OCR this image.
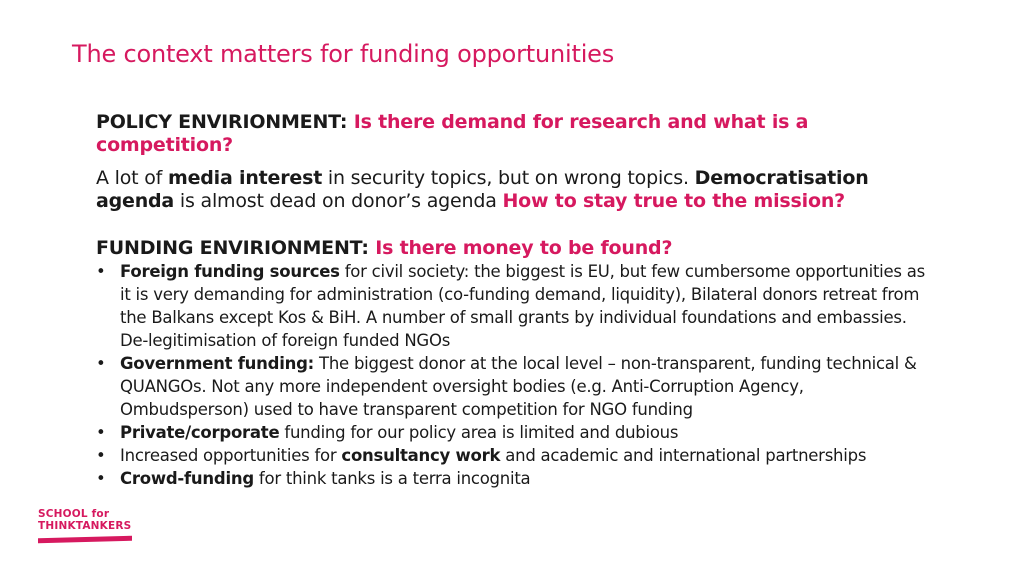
The context matters for funding opportunities
POLICY ENVIRIONMENT: Is there demand for research and what is a competition?
A lot of media interest in security topics, but on wrong topics. Democratisation agenda is almost dead on donor’s agenda How to stay true to the mission?
FUNDING ENVIRIONMENT: Is there money to be found?
• Foreign funding sources for civil society: the biggest is EU, but few cumbersome opportunities as it is very demanding for administration (co-funding demand, liquidity), Bilateral donors retreat from the Balkans except Kos & BiH. A number of small grants by individual foundations and embassies. De-legitimisation of foreign funded NGOs
• Government funding: The biggest donor at the local level – non-transparent, funding technical & QUANGOs. Not any more independent oversight bodies (e.g. Anti-Corruption Agency, Ombudsperson) used to have transparent competition for NGO funding
• Private/corporate funding for our policy area is limited and dubious
• Increased opportunities for consultancy work and academic and international partnerships
• Crowd-funding for think tanks is a terra incognita
SCHOOL for
THINKTANKERS
